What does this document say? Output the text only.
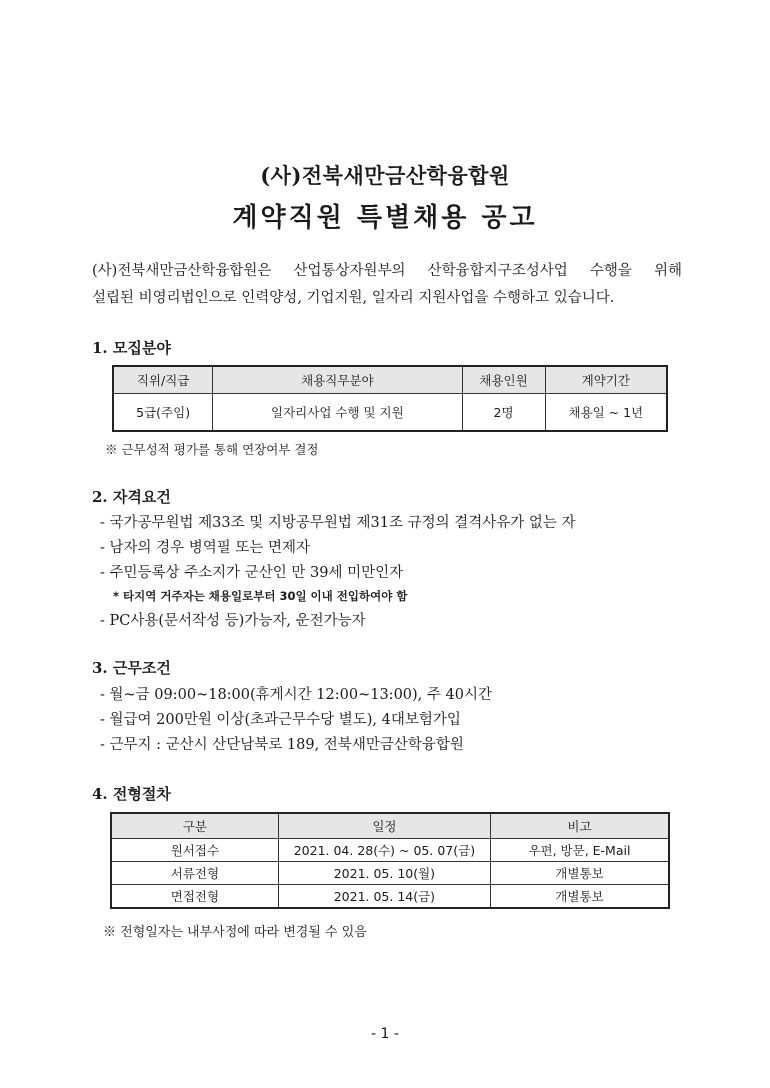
(사)전북새만금산학융합원
계약직원 특별채용 공고
(사)전북새만금산학융합원은 산업통상자원부의 산학융합지구조성사업 수행을 위해
설립된 비영리법인으로 인력양성, 기업지원, 일자리 지원사업을 수행하고 있습니다.
1. 모집분야
직위/직급	채용직무분야	채용인원	계약기간
5급(주임)	일자리사업 수행 및 지원	2명	채용일 ~ 1년
※ 근무성적 평가를 통해 연장여부 결정
2. 자격요건
- 국가공무원법 제33조 및 지방공무원법 제31조 규정의 결격사유가 없는 자
- 남자의 경우 병역필 또는 면제자
- 주민등록상 주소지가 군산인 만 39세 미만인자
* 타지역 거주자는 채용일로부터 30일 이내 전입하여야 함
- PC사용(문서작성 등)가능자, 운전가능자
3. 근무조건
- 월~금 09:00~18:00(휴게시간 12:00~13:00), 주 40시간
- 월급여 200만원 이상(초과근무수당 별도), 4대보험가입
- 근무지 : 군산시 산단남북로 189, 전북새만금산학융합원
4. 전형절차
구분	일정	비고
원서접수	2021. 04. 28(수) ~ 05. 07(금)	우편, 방문, E-Mail
서류전형	2021. 05. 10(월)	개별통보
면접전형	2021. 05. 14(금)	개별통보
※ 전형일자는 내부사정에 따라 변경될 수 있음
- 1 -
